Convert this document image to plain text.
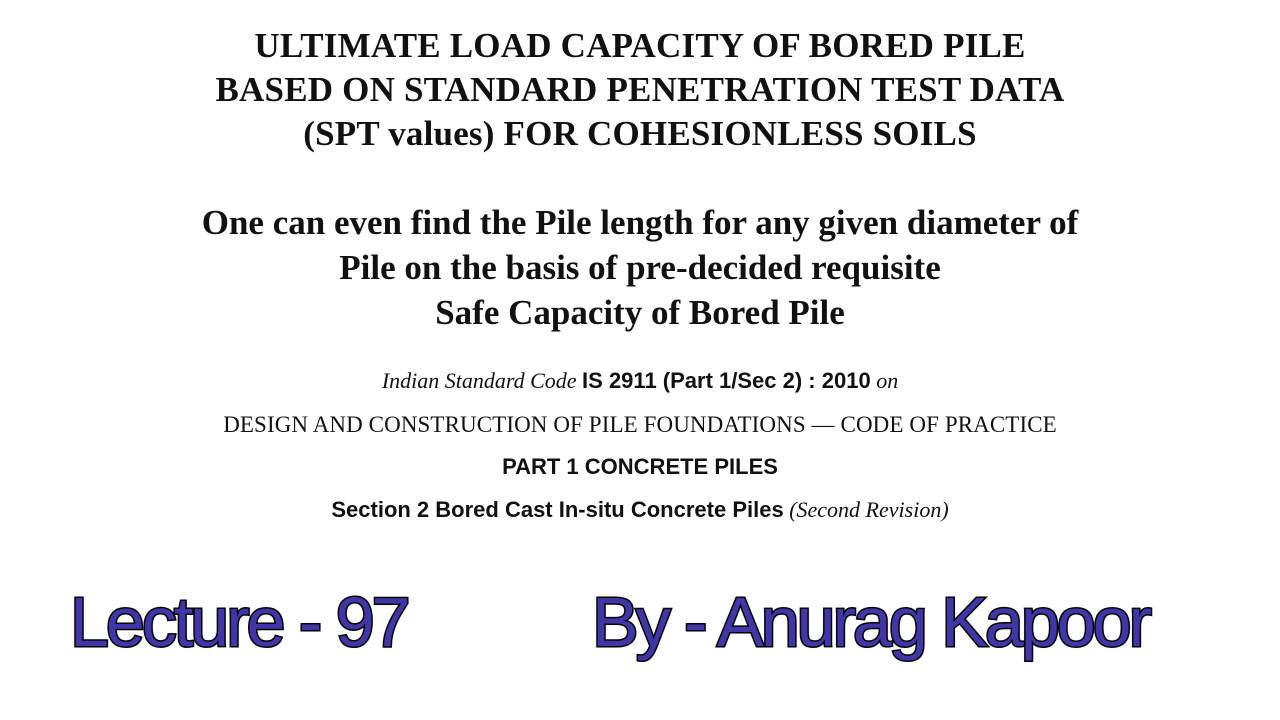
ULTIMATE LOAD CAPACITY OF BORED PILE
BASED ON STANDARD PENETRATION TEST DATA
(SPT values) FOR COHESIONLESS SOILS
One can even find the Pile length for any given diameter of
Pile on the basis of pre-decided requisite
Safe Capacity of Bored Pile
Indian Standard Code IS 2911 (Part 1/Sec 2) : 2010 on
DESIGN AND CONSTRUCTION OF PILE FOUNDATIONS — CODE OF PRACTICE
PART 1 CONCRETE PILES
Section 2 Bored Cast In-situ Concrete Piles (Second Revision)
Lecture - 97	By - Anurag Kapoor
